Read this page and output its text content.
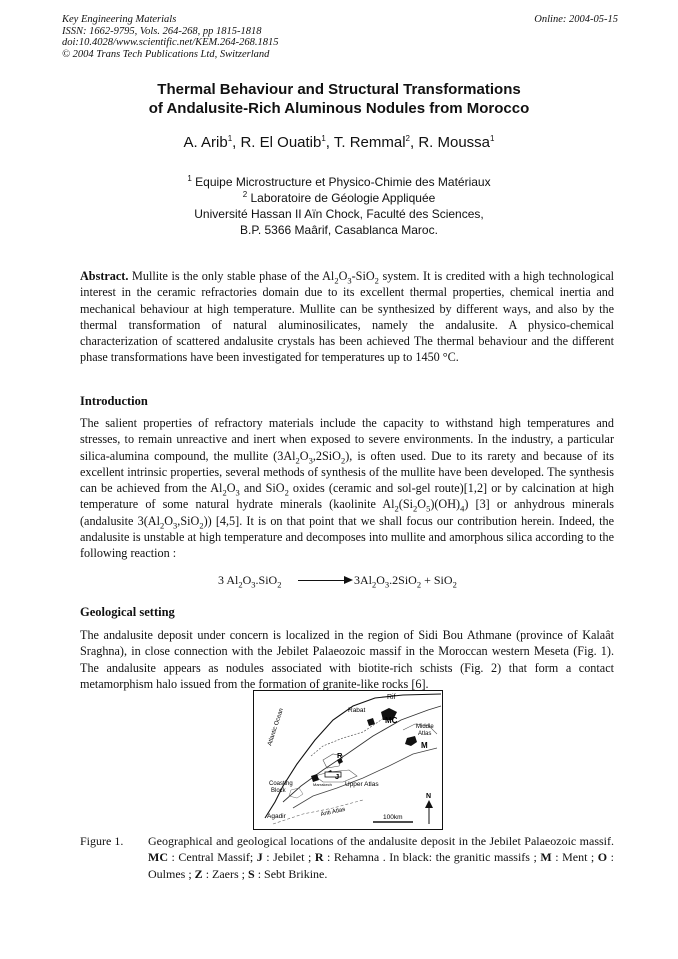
Key Engineering Materials
ISSN: 1662-9795, Vols. 264-268, pp 1815-1818
doi:10.4028/www.scientific.net/KEM.264-268.1815
© 2004 Trans Tech Publications Ltd, Switzerland
Online: 2004-05-15
Thermal Behaviour and Structural Transformations
of Andalusite-Rich Aluminous Nodules from Morocco
A. Arib$^1$, R. El Ouatib$^1$, T. Remmal$^2$, R. Moussa$^1$
$^1$ Equipe Microstructure et Physico-Chimie des Matériaux
$^2$ Laboratoire de Géologie Appliquée
Université Hassan II Aïn Chock, Faculté des Sciences,
B.P. 5366 Maârif, Casablanca Maroc.
Abstract. Mullite is the only stable phase of the $Al_2O_3-SiO_2$ system. It is credited with a high technological interest in the ceramic refractories domain due to its excellent thermal properties, chemical inertia and mechanical behaviour at high temperature. Mullite can be synthesized by different ways, and also by the thermal transformation of natural aluminosilicates, namely the andalusite. A physico-chemical characterization of scattered andalusite crystals has been achieved The thermal behaviour and the different phase transformations have been investigated for temperatures up to 1450 °C.
Introduction
The salient properties of refractory materials include the capacity to withstand high temperatures and stresses, to remain unreactive and inert when exposed to severe environments. In the industry, a particular silica-alumina compound, the mullite $(3Al_2O_3,2SiO_2)$, is often used. Due to its rarety and because of its excellent intrinsic properties, several methods of synthesis of the mullite have been developed. The synthesis can be achieved from the $Al_2O_3$ and SiO$_2$ oxides (ceramic and sol-gel route)[1,2] or by calcination at high temperature of some natural hydrate minerals (kaolinite $Al_2(Si_2O_5)(OH)_4$) [3] or anhydrous minerals (andalusite $3(Al_2O_3,SiO_2)$) [4,5]. It is on that point that we shall focus our contribution herein. Indeed, the andalusite is unstable at high temperature and decomposes into mullite and amorphous silica according to the following reaction :
3 $Al_2O_3.SiO_2$	$3Al_2O_3.2SiO_2 + SiO_2$
Geological setting
The andalusite deposit under concern is localized in the region of Sidi Bou Athmane (province of Kalaât Sraghna), in close connection with the Jebilet Palaeozoic massif in the Moroccan western Meseta (Fig. 1). The andalusite appears as nodules associated with biotite-rich schists (Fig. 2) that form a contact metamorphism halo issued from the formation of granite-like rocks [6].
Rif
Rabat
Atlantic Ocean	MC
Middle
Atlas
M
R
J
Coasting
Block
Marrakech Upper Atlas
Agadir	Anti Atlas	100km
N
Figure 1. Geographical and geological locations of the andalusite deposit in the Jebilet Palaeozoic massif. MC : Central Massif; J : Jebilet ; R : Rehamna . In black: the granitic massifs ; M : Ment ; O : Oulmes ; Z : Zaers ; S : Sebt Brikine.
